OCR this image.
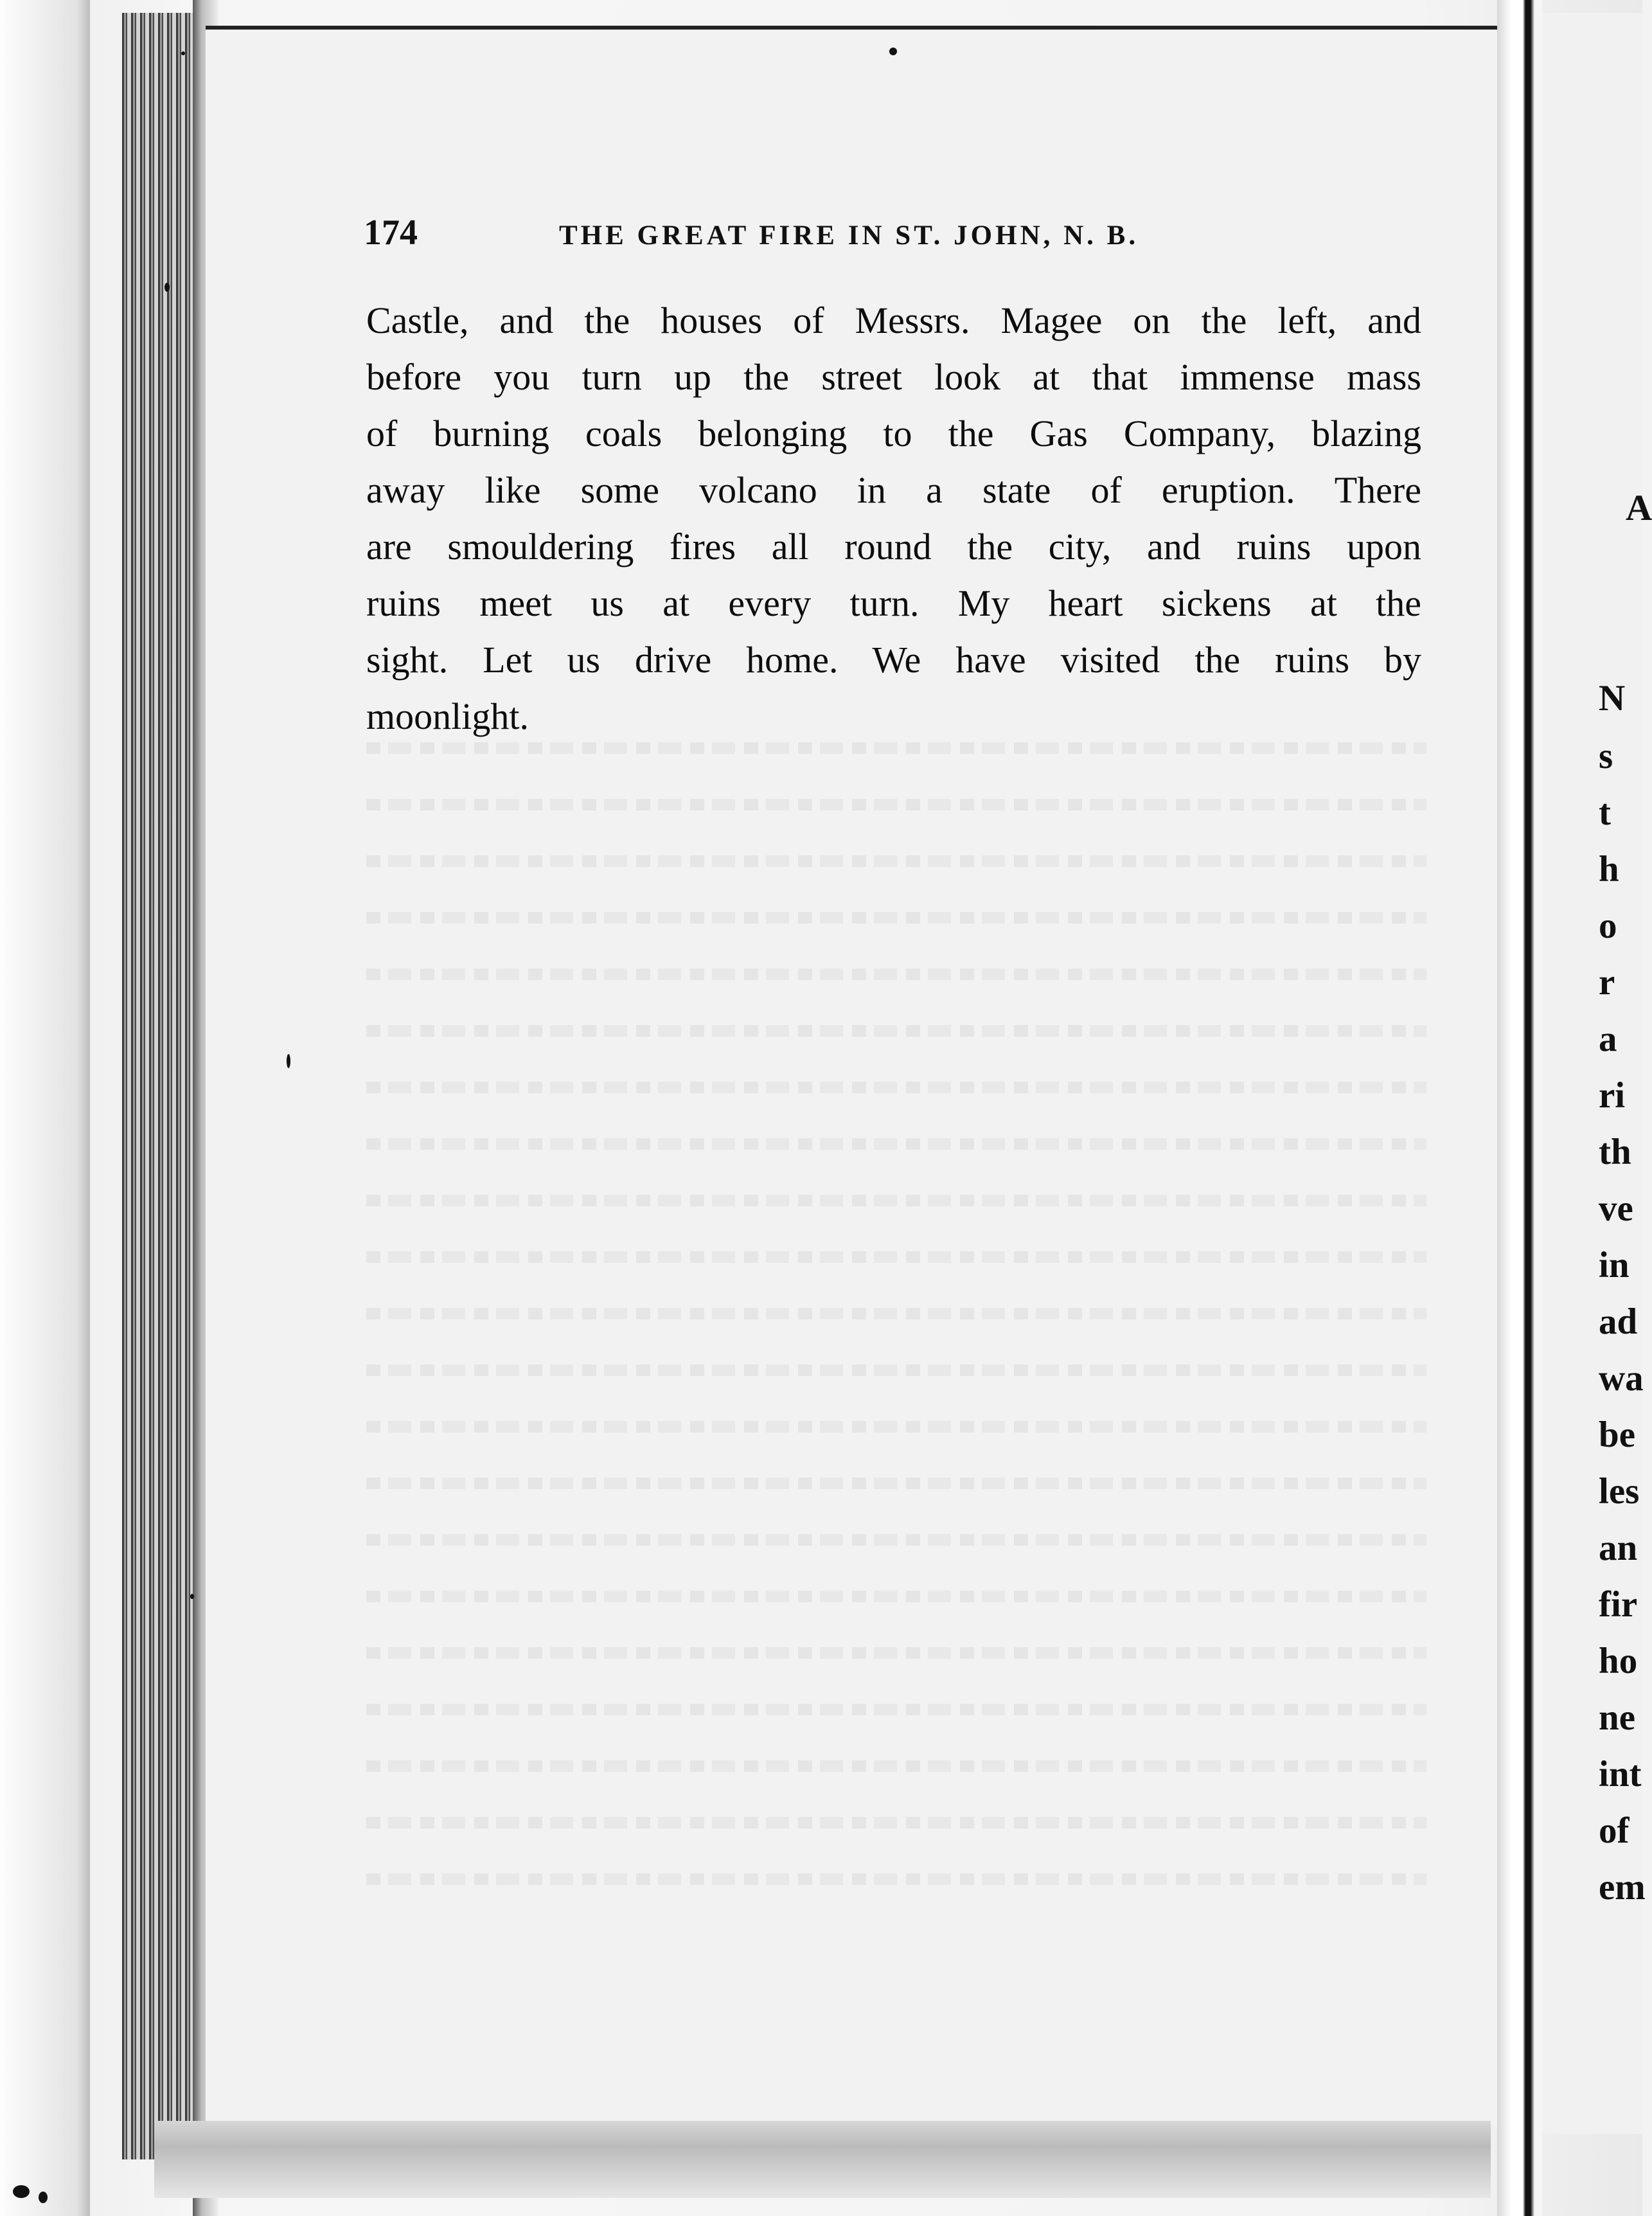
174	THE GREAT FIRE IN ST. JOHN, N. B.
Castle, and the houses of Messrs. Magee on the left, and
before you turn up the street look at that immense mass
of burning coals belonging to the Gas Company, blazing
away like some volcano in a state of eruption. There
are smouldering fires all round the city, and ruins upon
ruins meet us at every turn. My heart sickens at the
sight. Let us drive home. We have visited the ruins by
moonlight.
A
N
s
t
h
o
r
a
ri
th
ve
in
ad
wa
be
les
an
fir
ho
ne
int
of
em
